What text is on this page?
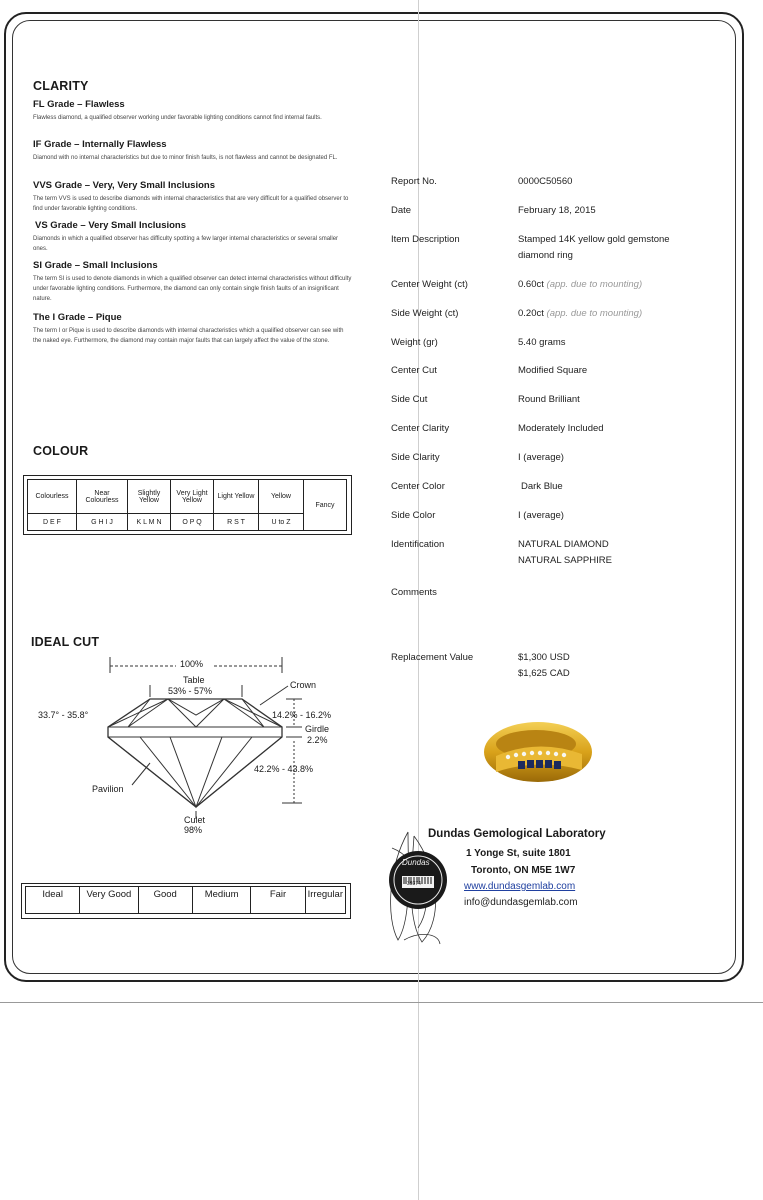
CLARITY
FL Grade – Flawless
Flawless diamond, a qualified observer working under favorable lighting conditions cannot find internal faults.
IF Grade – Internally Flawless
Diamond with no internal characteristics but due to minor finish faults, is not flawless and cannot be designated FL.
VVS Grade – Very, Very Small Inclusions
The term VVS is used to describe diamonds with internal characteristics that are very difficult for a qualified observer to find under favorable lighting conditions.
VS Grade – Very Small Inclusions
Diamonds in which a qualified observer has difficulty spotting a few larger internal characteristics or several smaller ones.
SI Grade – Small Inclusions
The term SI is used to denote diamonds in which a qualified observer can detect internal characteristics without difficulty under favorable lighting conditions. Furthermore, the diamond can only contain single finish faults of an insignificant nature.
The I Grade – Pique
The term I or Pique is used to describe diamonds with internal characteristics which a qualified observer can see with the naked eye. Furthermore, the diamond may contain major faults that can largely affect the value of the stone.
COLOUR
Colourless	Near Colourless	Slightly Yellow	Very Light Yellow	Light Yellow	Yellow	Fancy
D E F	G H I J	K L M N	O P Q	R S T	U to Z	
IDEAL CUT
100%
Table
53% - 57%
Crown
33.7° - 35.8°	14.2% - 16.2%
Girdle
2.2%
42.2% - 43.8%
Pavilion
Culet
98%
Ideal	Very Good	Good	Medium	Fair	Irregular
Report No.	0000C50560
Date	February 18, 2015
Item Description	Stamped 14K yellow gold gemstone
diamond ring
Center Weight (ct)	0.60ct (app. due to mounting)
Side Weight (ct)	0.20ct (app. due to mounting)
Weight (gr)	5.40 grams
Center Cut	Modified Square
Side Cut	Round Brilliant
Center Clarity	Moderately Included
Side Clarity	I (average)
Center Color	Dark Blue
Side Color	I (average)
Identification	NATURAL DIAMOND
NATURAL SAPPHIRE
Comments
Replacement Value	$1,300 USD
$1,625 CAD
Dundas
39374
Dundas Gemological Laboratory
1 Yonge St, suite 1801
Toronto, ON M5E 1W7
www.dundasgemlab.com
info@dundasgemlab.com
